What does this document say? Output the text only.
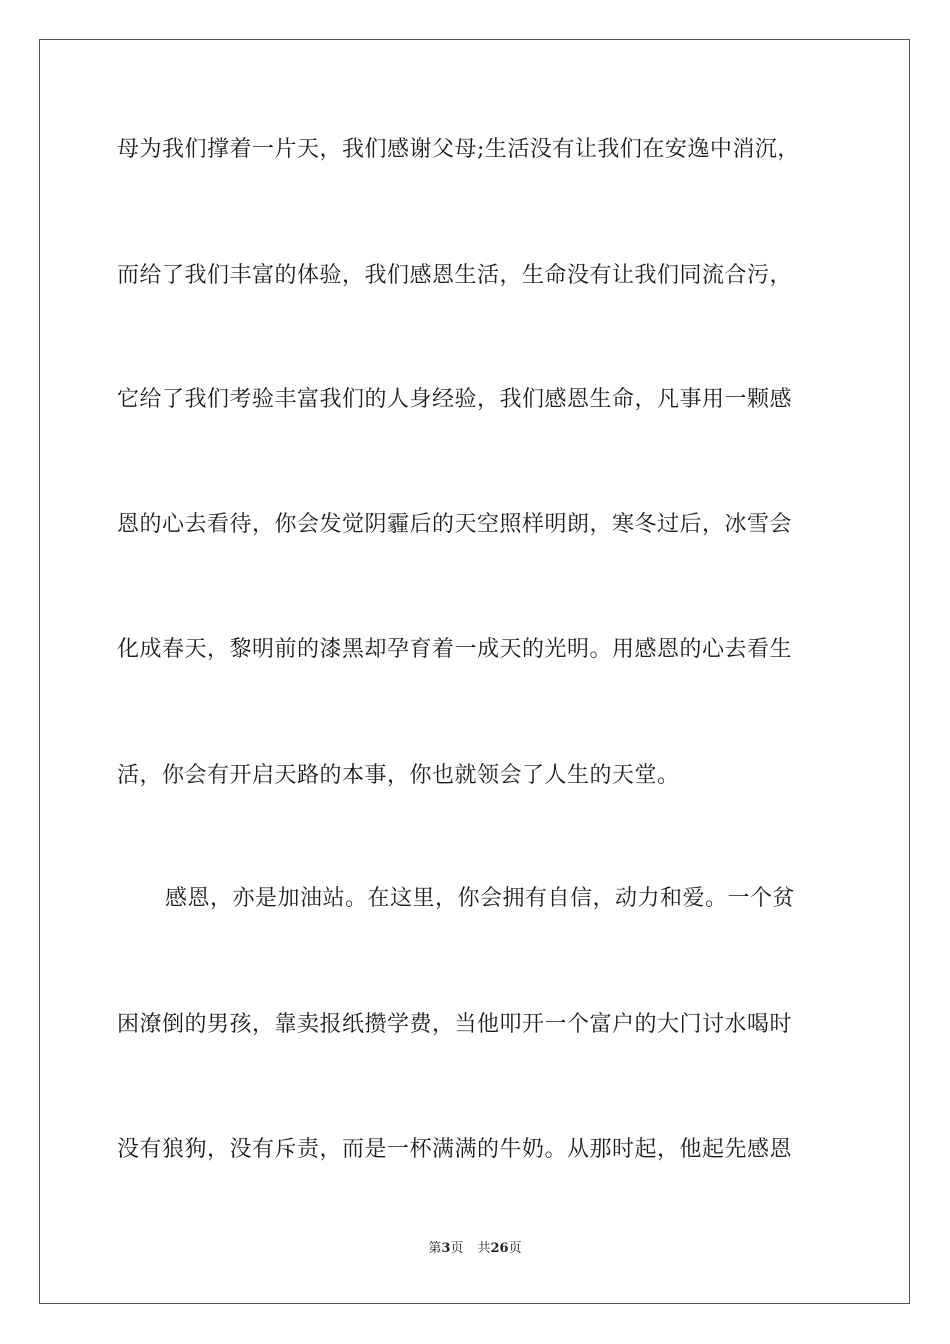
母为我们撑着一片天，我们感谢父母;生活没有让我们在安逸中消沉，
而给了我们丰富的体验，我们感恩生活，生命没有让我们同流合污，
它给了我们考验丰富我们的人身经验，我们感恩生命，凡事用一颗感
恩的心去看待，你会发觉阴霾后的天空照样明朗，寒冬过后，冰雪会
化成春天，黎明前的漆黑却孕育着一成天的光明。用感恩的心去看生
活，你会有开启天路的本事，你也就领会了人生的天堂。
感恩，亦是加油站。在这里，你会拥有自信，动力和爱。一个贫
困潦倒的男孩，靠卖报纸攒学费，当他叩开一个富户的大门讨水喝时
没有狼狗，没有斥责，而是一杯满满的牛奶。从那时起，他起先感恩
第3页 共26页
